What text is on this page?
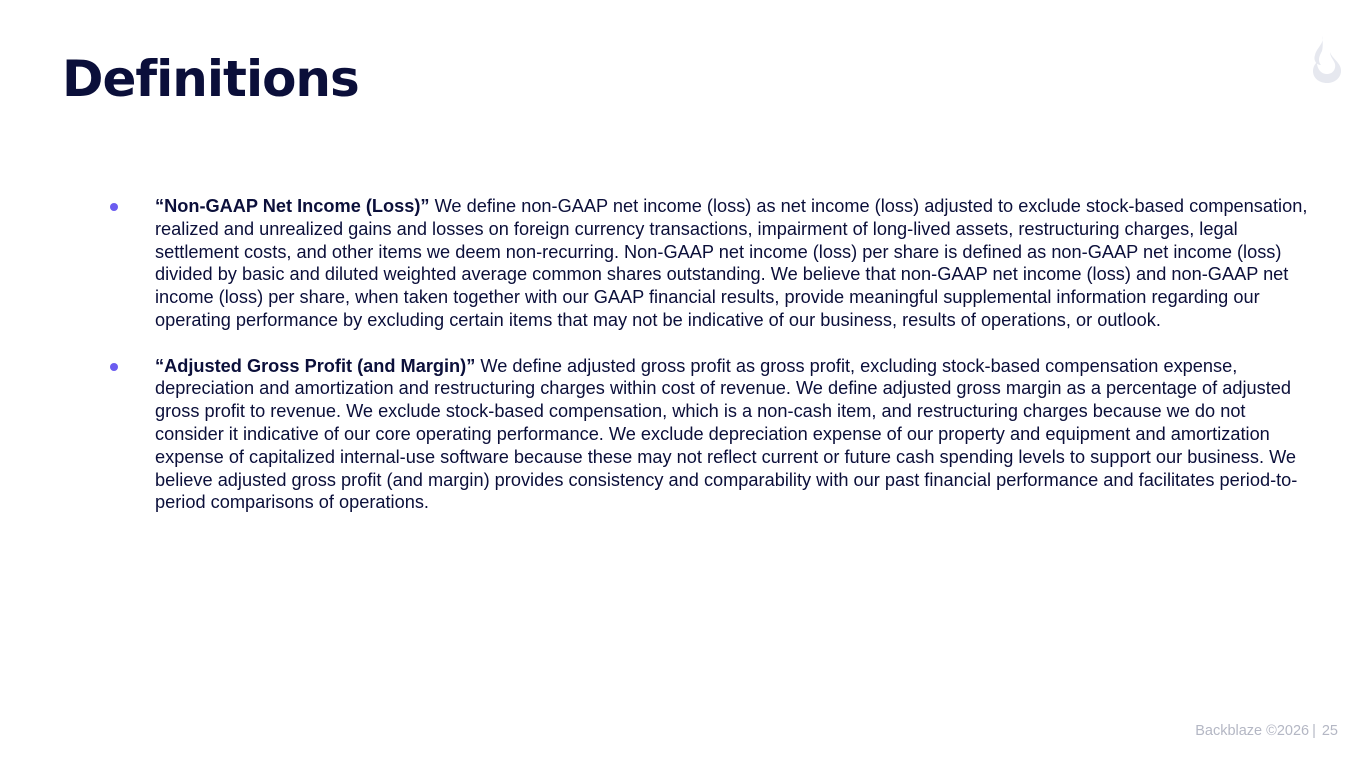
Definitions
“Non-GAAP Net Income (Loss)” We define non-GAAP net income (loss) as net income (loss) adjusted to exclude stock-based compensation, realized and unrealized gains and losses on foreign currency transactions, impairment of long-lived assets, restructuring charges, legal settlement costs, and other items we deem non-recurring. Non-GAAP net income (loss) per share is defined as non-GAAP net income (loss) divided by basic and diluted weighted average common shares outstanding. We believe that non-GAAP net income (loss) and non-GAAP net income (loss) per share, when taken together with our GAAP financial results, provide meaningful supplemental information regarding our operating performance by excluding certain items that may not be indicative of our business, results of operations, or outlook.
“Adjusted Gross Profit (and Margin)” We define adjusted gross profit as gross profit, excluding stock-based compensation expense, depreciation and amortization and restructuring charges within cost of revenue. We define adjusted gross margin as a percentage of adjusted gross profit to revenue. We exclude stock-based compensation, which is a non-cash item, and restructuring charges because we do not consider it indicative of our core operating performance. We exclude depreciation expense of our property and equipment and amortization expense of capitalized internal-use software because these may not reflect current or future cash spending levels to support our business. We believe adjusted gross profit (and margin) provides consistency and comparability with our past financial performance and facilitates period-to-period comparisons of operations.
Backblaze ©2026 | 25
